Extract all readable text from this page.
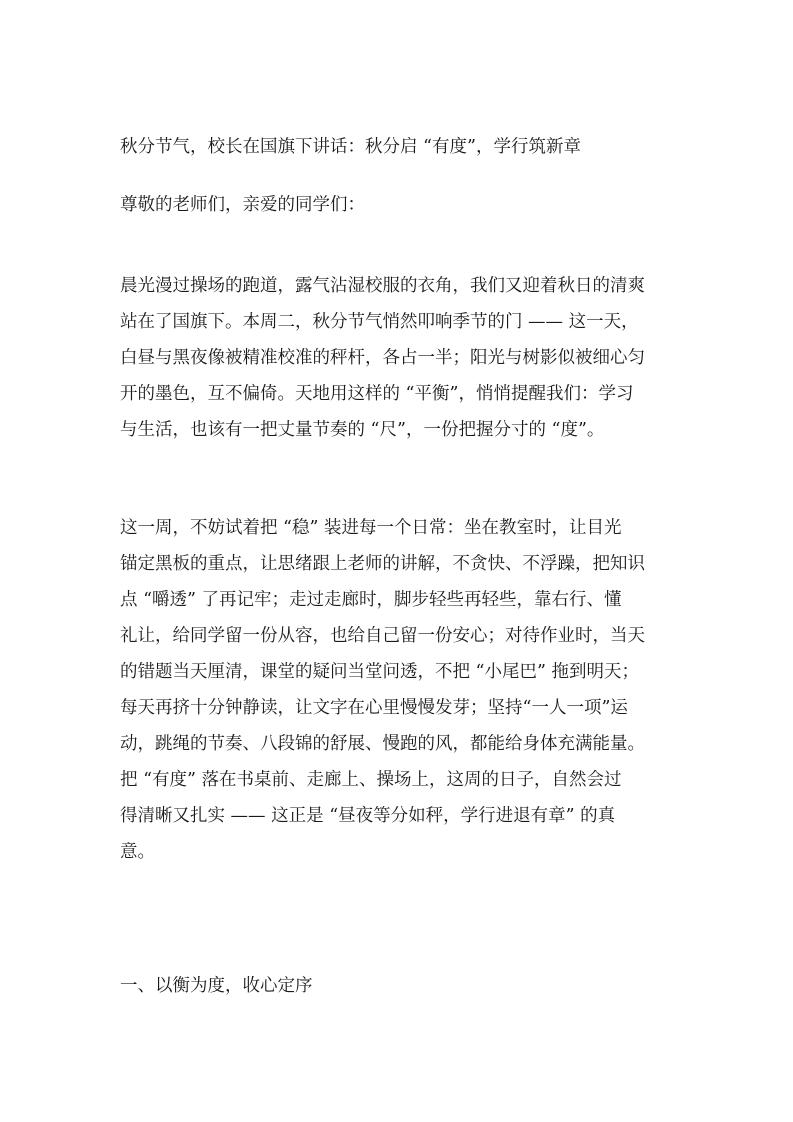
秋分节气，校长在国旗下讲话：秋分启 “有度”，学行筑新章
尊敬的老师们，亲爱的同学们：
晨光漫过操场的跑道，露气沾湿校服的衣角，我们又迎着秋日的清爽
站在了国旗下。本周二，秋分节气悄然叩响季节的门 —— 这一天，
白昼与黑夜像被精准校准的秤杆，各占一半；阳光与树影似被细心匀
开的墨色，互不偏倚。天地用这样的 “平衡”，悄悄提醒我们：学习
与生活，也该有一把丈量节奏的 “尺”，一份把握分寸的 “度”。
这一周，不妨试着把 “稳” 装进每一个日常：坐在教室时，让目光
锚定黑板的重点，让思绪跟上老师的讲解，不贪快、不浮躁，把知识
点 “嚼透” 了再记牢；走过走廊时，脚步轻些再轻些，靠右行、懂
礼让，给同学留一份从容，也给自己留一份安心；对待作业时，当天
的错题当天厘清，课堂的疑问当堂问透，不把 “小尾巴” 拖到明天；
每天再挤十分钟静读，让文字在心里慢慢发芽；坚持“一人一项”运
动，跳绳的节奏、八段锦的舒展、慢跑的风，都能给身体充满能量。
把 “有度” 落在书桌前、走廊上、操场上，这周的日子，自然会过
得清晰又扎实 —— 这正是 “昼夜等分如秤，学行进退有章” 的真
意。
一、以衡为度，收心定序
